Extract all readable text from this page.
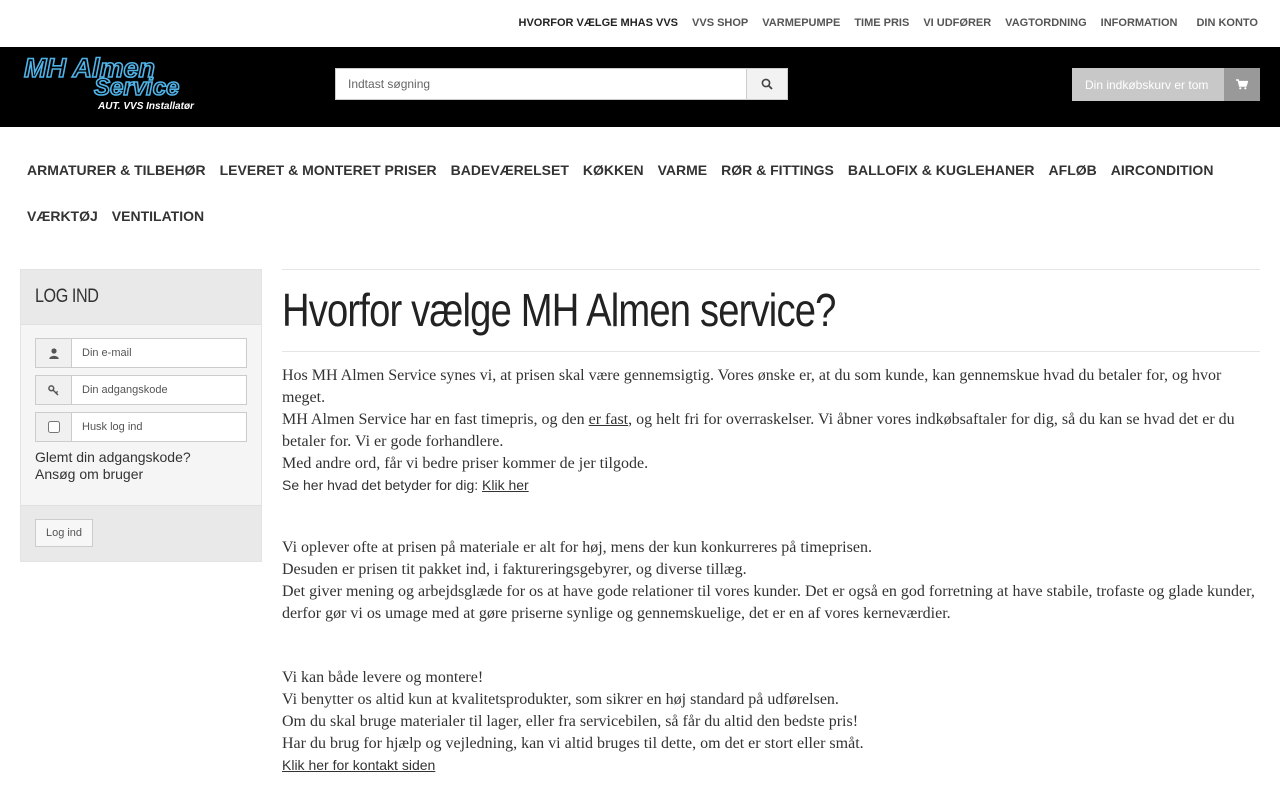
HVORFOR VÆLGE MHAS VVS VVS SHOP VARMEPUMPE TIME PRIS VI UDFØRER VAGTORDNING INFORMATION DIN KONTO
MH Almen
Service
AUT. VVS Installatør
Indtast søgning
Din indkøbskurv er tom
ARMATURER & TILBEHØR	LEVERET & MONTERET PRISER	BADEVÆRELSET	KØKKEN	VARME	RØR & FITTINGS	BALLOFIX & KUGLEHANER	AFLØB	AIRCONDITION
VÆRKTØJ	VENTILATION
LOG IND
Din e-mail
Husk log ind
Glemt din adgangskode?
Ansøg om bruger
Log ind
Hvorfor vælge MH Almen service?

Hos MH Almen Service synes vi, at prisen skal være gennemsigtig. Vores ønske er, at du som kunde, kan gennemskue hvad du betaler for, og hvor meget.

MH Almen Service har en fast timepris, og den er fast, og helt fri for overraskelser. Vi åbner vores indkøbsaftaler for dig, så du kan se hvad det er du betaler for. Vi er gode forhandlere.

Med andre ord, får vi bedre priser kommer de jer tilgode.

Se her hvad det betyder for dig: Klik her

Vi oplever ofte at prisen på materiale er alt for høj, mens der kun konkurreres på timeprisen.

Desuden er prisen tit pakket ind, i faktureringsgebyrer, og diverse tillæg.

Det giver mening og arbejdsglæde for os at have gode relationer til vores kunder. Det er også en god forretning at have stabile, trofaste og glade kunder, derfor gør vi os umage med at gøre priserne synlige og gennemskuelige, det er en af vores kerneværdier.

Vi kan både levere og montere!

Vi benytter os altid kun at kvalitetsprodukter, som sikrer en høj standard på udførelsen.

Om du skal bruge materialer til lager, eller fra servicebilen, så får du altid den bedste pris!

Har du brug for hjælp og vejledning, kan vi altid bruges til dette, om det er stort eller småt.

Klik her for kontakt siden
